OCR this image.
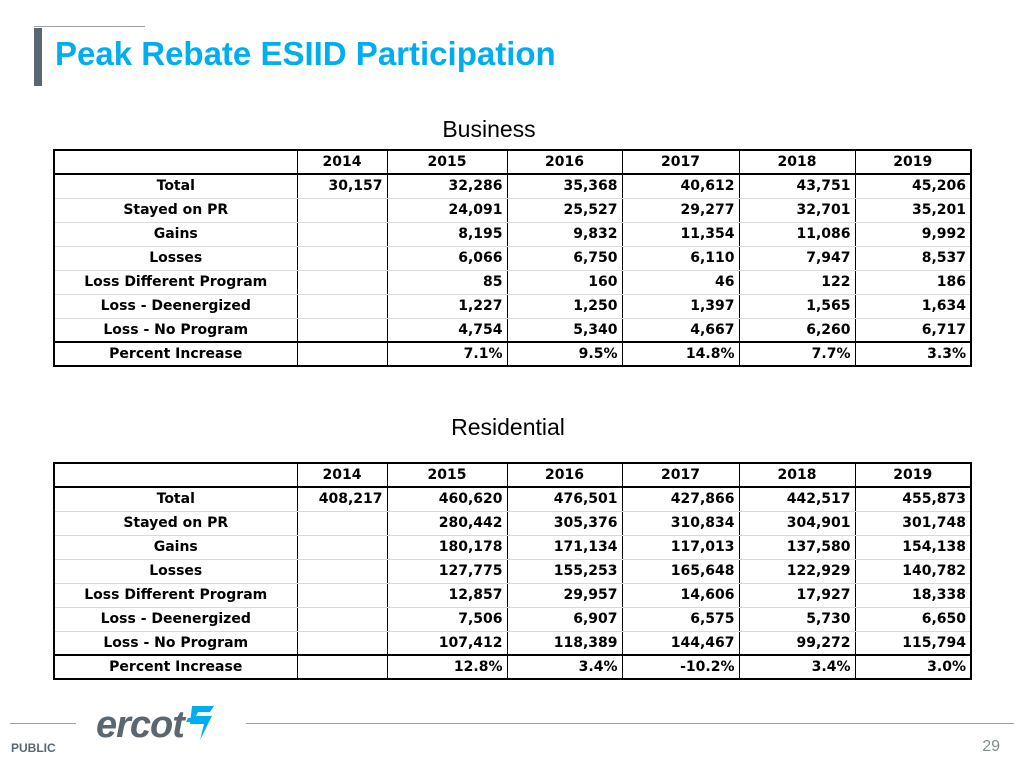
Peak Rebate ESIID Participation
Business
	2014	2015	2016	2017	2018	2019
Total	30,157	32,286	35,368	40,612	43,751	45,206
Stayed on PR		24,091	25,527	29,277	32,701	35,201
Gains		8,195	9,832	11,354	11,086	9,992
Losses		6,066	6,750	6,110	7,947	8,537
Loss Different Program		85	160	46	122	186
Loss - Deenergized		1,227	1,250	1,397	1,565	1,634
Loss - No Program		4,754	5,340	4,667	6,260	6,717
Percent Increase		7.1%	9.5%	14.8%	7.7%	3.3%
Residential
	2014	2015	2016	2017	2018	2019
Total	408,217	460,620	476,501	427,866	442,517	455,873
Stayed on PR		280,442	305,376	310,834	304,901	301,748
Gains		180,178	171,134	117,013	137,580	154,138
Losses		127,775	155,253	165,648	122,929	140,782
Loss Different Program		12,857	29,957	14,606	17,927	18,338
Loss - Deenergized		7,506	6,907	6,575	5,730	6,650
Loss - No Program		107,412	118,389	144,467	99,272	115,794
Percent Increase		12.8%	3.4%	-10.2%	3.4%	3.0%
ercot
PUBLIC	29
